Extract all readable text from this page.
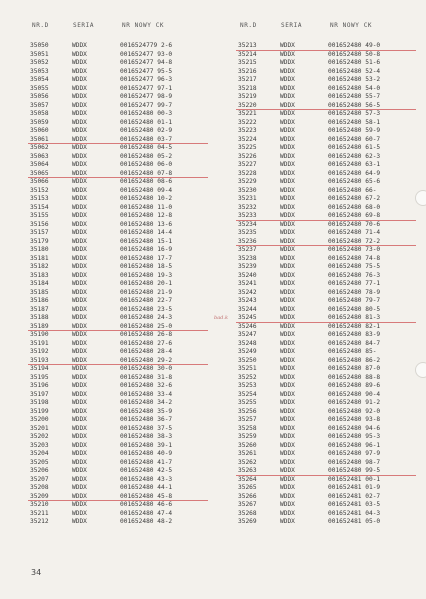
NR.D	SERIA	NR NOWY CK
35050	WDDX	0016524779 2-6
35051	WDDX	001652477 93-0
35052	WDDX	001652477 94-8
35053	WDDX	001652477 95-5
35054	WDDX	001652477 96-3
35055	WDDX	001652477 97-1
35056	WDDX	001652477 98-9
35057	WDDX	001652477 99-7
35058	WDDX	001652480 00-3
35059	WDDX	001652480 01-1
35060	WDDX	001652480 02-9
35061	WDDX	001652480 03-7
35062	WDDX	001652480 04-5
35063	WDDX	001652480 05-2
35064	WDDX	001652480 06-0
35065	WDDX	001652480 07-8
35066	WDDX	001652480 08-6
35152	WDDX	001652480 09-4
35153	WDDX	001652480 10-2
35154	WDDX	001652480 11-0
35155	WDDX	001652480 12-8
35156	WDDX	001652480 13-6
35157	WDDX	001652480 14-4
35179	WDDX	001652480 15-1
35180	WDDX	001652480 16-9
35181	WDDX	001652480 17-7
35182	WDDX	001652480 18-5
35183	WDDX	001652480 19-3
35184	WDDX	001652480 20-1
35185	WDDX	001652480 21-9
35186	WDDX	001652480 22-7
35187	WDDX	001652480 23-5
35188	WDDX	001652480 24-3
35189	WDDX	001652480 25-0
35190	WDDX	001652480 26-8
35191	WDDX	001652480 27-6
35192	WDDX	001652480 28-4
35193	WDDX	001652480 29-2
35194	WDDX	001652480 30-0
35195	WDDX	001652480 31-8
35196	WDDX	001652480 32-6
35197	WDDX	001652480 33-4
35198	WDDX	001652480 34-2
35199	WDDX	001652480 35-9
35200	WDDX	001652480 36-7
35201	WDDX	001652480 37-5
35202	WDDX	001652480 38-3
35203	WDDX	001652480 39-1
35204	WDDX	001652480 40-9
35205	WDDX	001652480 41-7
35206	WDDX	001652480 42-5
35207	WDDX	001652480 43-3
35208	WDDX	001652480 44-1
35209	WDDX	001652480 45-8
35210	WDDX	001652480 46-6
35211	WDDX	001652480 47-4
35212	WDDX	001652480 48-2
NR.D	SERIA	NR NOWY CK
35213	WDDX	001652480 49-0
35214	WDDX	001652480 50-8
35215	WDDX	001652480 51-6
35216	WDDX	001652480 52-4
35217	WDDX	001652480 53-2
35218	WDDX	001652480 54-0
35219	WDDX	001652480 55-7
35220	WDDX	001652480 56-5
35221	WDDX	001652480 57-3
35222	WDDX	001652480 58-1
35223	WDDX	001652480 59-9
35224	WDDX	001652480 60-7
35225	WDDX	001652480 61-5
35226	WDDX	001652480 62-3
35227	WDDX	001652480 63-1
35228	WDDX	001652480 64-9
35229	WDDX	001652480 65-6
35230	WDDX	001652480 66-
35231	WDDX	001652480 67-2
35232	WDDX	001652480 68-0
35233	WDDX	001652480 69-8
35234	WDDX	001652480 70-6
35235	WDDX	001652480 71-4
35236	WDDX	001652480 72-2
35237	WDDX	001652480 73-0
35238	WDDX	001652480 74-8
35239	WDDX	001652480 75-5
35240	WDDX	001652480 76-3
35241	WDDX	001652480 77-1
35242	WDDX	001652480 78-9
35243	WDDX	001652480 79-7
35244	WDDX	001652480 80-5
35245	WDDX	001652480 81-3
bad.k
35246	WDDX	001652480 82-1
35247	WDDX	001652480 83-9
35248	WDDX	001652480 84-7
35249	WDDX	001652480 85-
35250	WDDX	001652480 86-2
35251	WDDX	001652480 87-0
35252	WDDX	001652480 88-8
35253	WDDX	001652480 89-6
35254	WDDX	001652480 90-4
35255	WDDX	001652480 91-2
35256	WDDX	001652480 92-0
35257	WDDX	001652480 93-8
35258	WDDX	001652480 94-6
35259	WDDX	001652480 95-3
35260	WDDX	001652480 96-1
35261	WDDX	001652480 97-9
35262	WDDX	001652480 98-7
35263	WDDX	001652480 99-5
35264	WDDX	001652481 00-1
35265	WDDX	001652481 01-9
35266	WDDX	001652481 02-7
35267	WDDX	001652481 03-5
35268	WDDX	001652481 04-3
35269	WDDX	001652481 05-0
34
